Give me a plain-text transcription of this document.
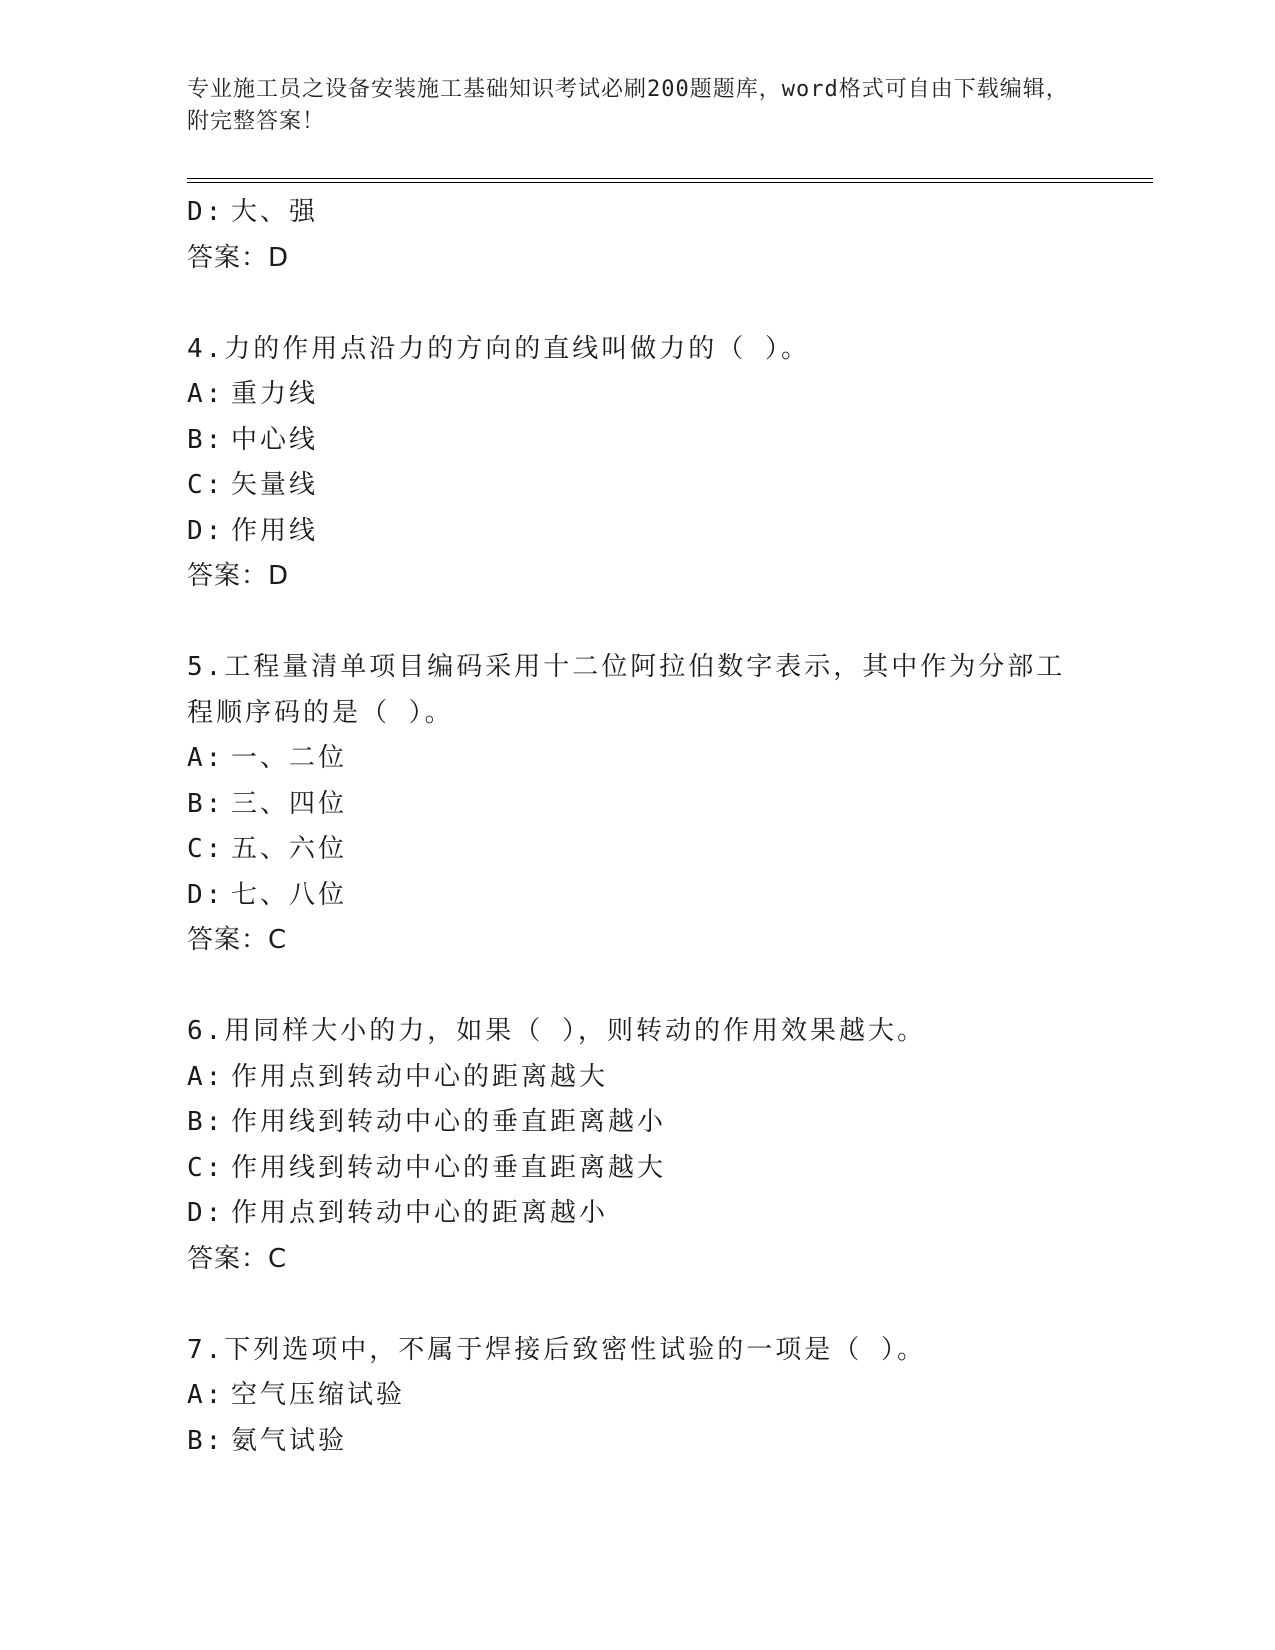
专业施工员之设备安装施工基础知识考试必刷200题题库，word格式可自由下载编辑，附完整答案！
D: 大、强
答案：D
4.力的作用点沿力的方向的直线叫做力的（ ）。
A: 重力线
B: 中心线
C: 矢量线
D: 作用线
答案：D
5.工程量清单项目编码采用十二位阿拉伯数字表示，其中作为分部工
程顺序码的是（ ）。
A: 一、二位
B: 三、四位
C: 五、六位
D: 七、八位
答案：C
6.用同样大小的力，如果（ ），则转动的作用效果越大。
A: 作用点到转动中心的距离越大
B: 作用线到转动中心的垂直距离越小
C: 作用线到转动中心的垂直距离越大
D: 作用点到转动中心的距离越小
答案：C
7.下列选项中，不属于焊接后致密性试验的一项是（ ）。
A: 空气压缩试验
B: 氨气试验
